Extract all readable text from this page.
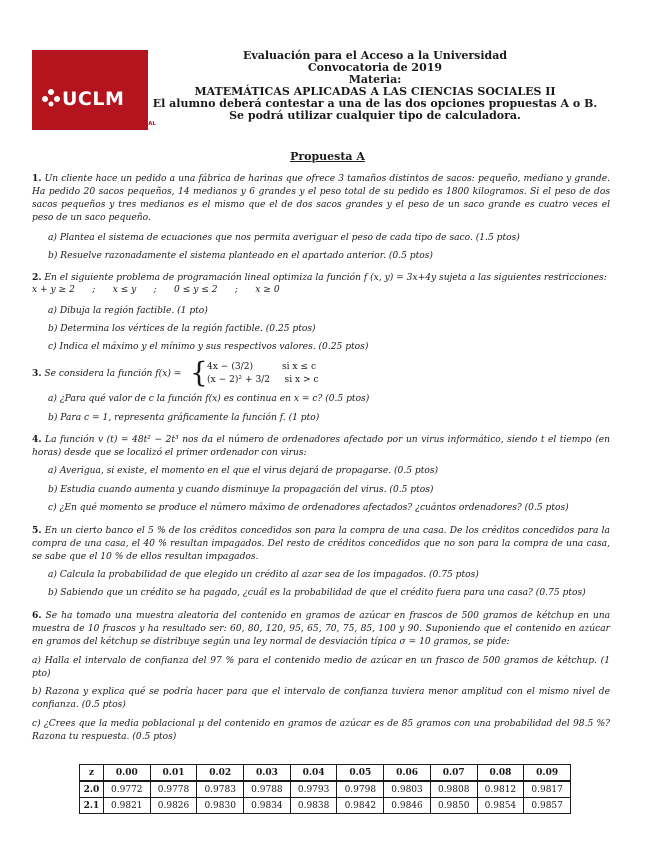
UCLM
CAMPUS DE EXCELENCIA INTERNACIONAL
Evaluación para el Acceso a la Universidad
Convocatoria de 2019
Materia:
MATEMÁTICAS APLICADAS A LAS CIENCIAS SOCIALES II
El alumno deberá contestar a una de las dos opciones propuestas A o B.
Se podrá utilizar cualquier tipo de calculadora.
Propuesta A
1. Un cliente hace un pedido a una fábrica de harinas que ofrece 3 tamaños distintos de sacos: pequeño, mediano y grande. Ha pedido 20 sacos pequeños, 14 medianos y 6 grandes y el peso total de su pedido es 1800 kilogramos. Si el peso de dos sacos pequeños y tres medianos es el mismo que el de dos sacos grandes y el peso de un saco grande es cuatro veces el peso de un saco pequeño.
a) Plantea el sistema de ecuaciones que nos permita averiguar el peso de cada tipo de saco. (1.5 ptos)
b) Resuelve razonadamente el sistema planteado en el apartado anterior. (0.5 ptos)
2. En el siguiente problema de programación lineal optimiza la función f (x, y) = 3x+4y sujeta a las siguientes restricciones:
x + y ≥ 2      ;      x ≤ y      ;      0 ≤ y ≤ 2      ;      x ≥ 0
a) Dibuja la región factible. (1 pto)
b) Determina los vértices de la región factible. (0.25 ptos)
c) Indica el máximo y el mínimo y sus respectivos valores. (0.25 ptos)
3. Se considera la función f(x) = { 4x − (3/2)          si x ≤ c
(x − 2)² + 3/2     si x > c
a) ¿Para qué valor de c la función f(x) es continua en x = c? (0.5 ptos)
b) Para c = 1, representa gráficamente la función f. (1 pto)
4. La función v (t) = 48t² − 2t³ nos da el número de ordenadores afectado por un virus informático, siendo t el tiempo (en horas) desde que se localizó el primer ordenador con virus:
a) Averigua, si existe, el momento en el que el virus dejará de propagarse. (0.5 ptos)
b) Estudia cuando aumenta y cuando disminuye la propagación del virus. (0.5 ptos)
c) ¿En qué momento se produce el número máximo de ordenadores afectados? ¿cuántos ordenadores? (0.5 ptos)
5. En un cierto banco el 5 % de los créditos concedidos son para la compra de una casa. De los créditos concedidos para la compra de una casa, el 40 % resultan impagados. Del resto de créditos concedidos que no son para la compra de una casa, se sabe que el 10 % de ellos resultan impagados.
a) Calcula la probabilidad de que elegido un crédito al azar sea de los impagados. (0.75 ptos)
b) Sabiendo que un crédito se ha pagado, ¿cuál es la probabilidad de que el crédito fuera para una casa? (0.75 ptos)
6. Se ha tomado una muestra aleatoria del contenido en gramos de azúcar en frascos de 500 gramos de kétchup en una muestra de 10 frascos y ha resultado ser: 60, 80, 120, 95, 65, 70, 75, 85, 100 y 90. Suponiendo que el contenido en azúcar en gramos del kétchup se distribuye según una ley normal de desviación típica σ = 10 gramos, se pide:
a) Halla el intervalo de confianza del 97 % para el contenido medio de azúcar en un frasco de 500 gramos de kétchup. (1 pto)
b) Razona y explica qué se podría hacer para que el intervalo de confianza tuviera menor amplitud con el mismo nivel de confianza. (0.5 ptos)
c) ¿Crees que la media poblacional μ del contenido en gramos de azúcar es de 85 gramos con una probabilidad del 98.5 %? Razona tu respuesta. (0.5 ptos)
z	0.00	0.01	0.02	0.03	0.04	0.05	0.06	0.07	0.08	0.09
2.0	0.9772	0.9778	0.9783	0.9788	0.9793	0.9798	0.9803	0.9808	0.9812	0.9817
2.1	0.9821	0.9826	0.9830	0.9834	0.9838	0.9842	0.9846	0.9850	0.9854	0.9857
